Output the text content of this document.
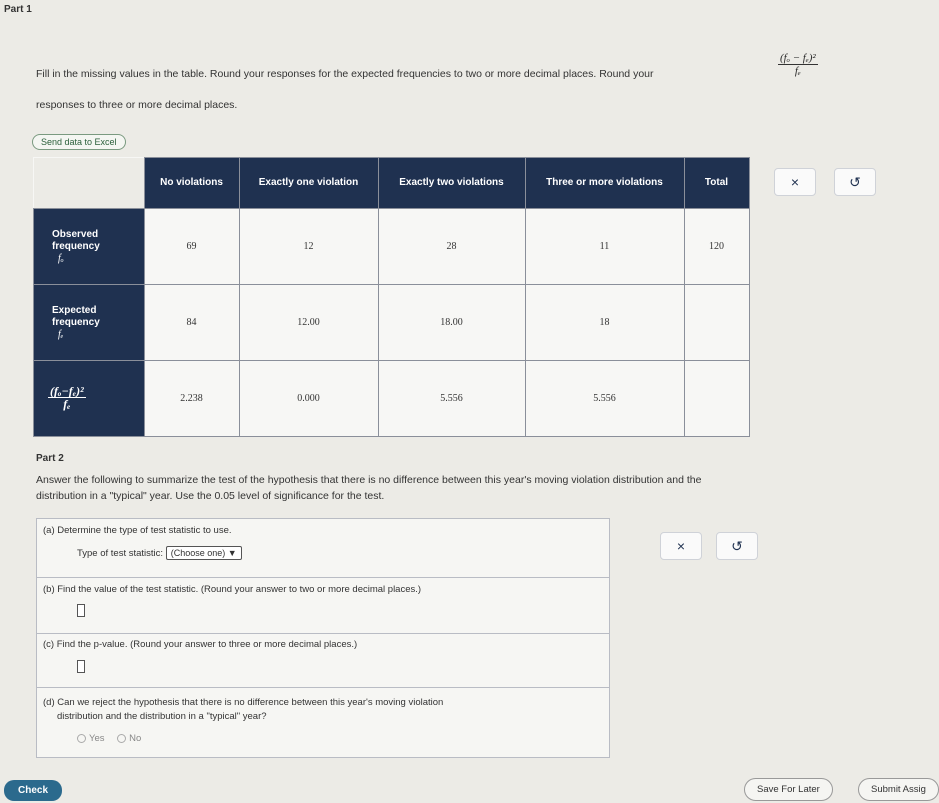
Part 1
Fill in the missing values in the table. Round your responses for the expected frequencies to two or more decimal places. Round your	$\frac{\text{(fₒ − fₑ)²}}{\text{fₑ}}$
responses to three or more decimal places.
Send data to Excel
	No violations	Exactly one violation	Exactly two violations	Three or more violations	Total
Observed frequency
fₒ	69	12	28	11	120
Expected frequency
fₑ	84	12.00	18.00	18	

$\frac{\text{(fₒ−fₑ)²}}{\text{fₑ}}$	2.238	0.000	5.556	5.556	
×	↺
Part 2
Answer the following to summarize the test of the hypothesis that there is no difference between this year's moving violation distribution and the
distribution in a "typical" year. Use the 0.05 level of significance for the test.
(a) Determine the type of test statistic to use.
Type of test statistic: (Choose one) ▼
(b) Find the value of the test statistic. (Round your answer to two or more decimal places.)
(c) Find the p-value. (Round your answer to three or more decimal places.)
(d) Can we reject the hypothesis that there is no difference between this year's moving violation
distribution and the distribution in a "typical" year?
Yes	No
×	↺
Check	Save For Later	Submit Assig
